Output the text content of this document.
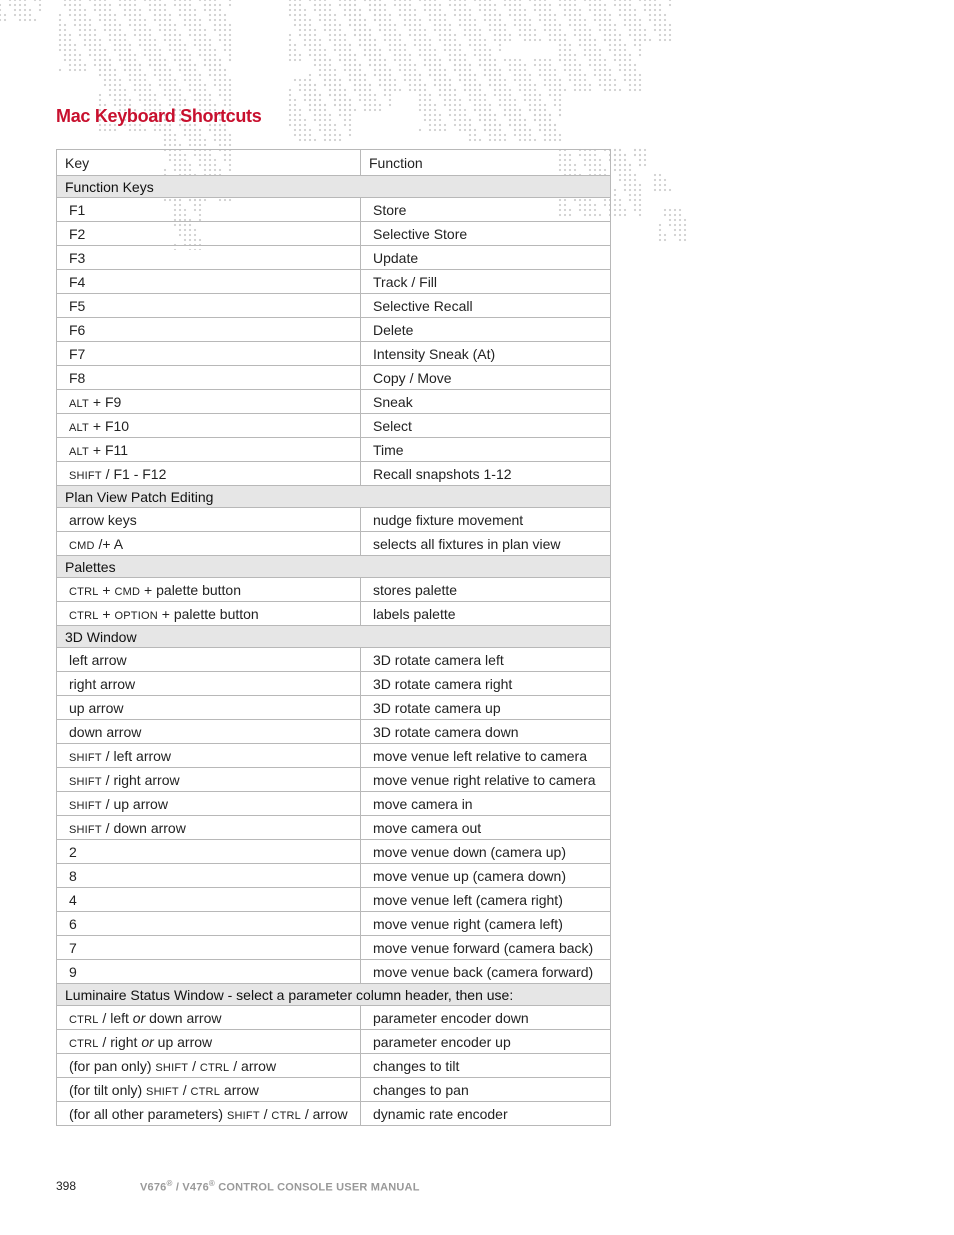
Mac Keyboard Shortcuts
Key	Function
Function Keys	
F1	Store
F2	Selective Store
F3	Update
F4	Track / Fill
F5	Selective Recall
F6	Delete
F7	Intensity Sneak (At)
F8	Copy / Move
ALT + F9	Sneak
ALT + F10	Select
ALT + F11	Time
SHIFT / F1 - F12	Recall snapshots 1-12
Plan View Patch Editing	
arrow keys	nudge fixture movement
CMD /+ A	selects all fixtures in plan view
Palettes	
CTRL + CMD + palette button	stores palette
CTRL + OPTION + palette button	labels palette
3D Window	
left arrow	3D rotate camera left
right arrow	3D rotate camera right
up arrow	3D rotate camera up
down arrow	3D rotate camera down
SHIFT / left arrow	move venue left relative to camera
SHIFT / right arrow	move venue right relative to camera
SHIFT / up arrow	move camera in
SHIFT / down arrow	move camera out
2	move venue down (camera up)
8	move venue up (camera down)
4	move venue left (camera right)
6	move venue right (camera left)
7	move venue forward (camera back)
9	move venue back (camera forward)
Luminaire Status Window - select a parameter column header, then use:	
CTRL / left or down arrow	parameter encoder down
CTRL / right or up arrow	parameter encoder up
(for pan only) SHIFT / CTRL / arrow	changes to tilt
(for tilt only) SHIFT / CTRL arrow	changes to pan
(for all other parameters) SHIFT / CTRL / arrow	dynamic rate encoder
398	V676® / V476® CONTROL CONSOLE USER MANUAL
